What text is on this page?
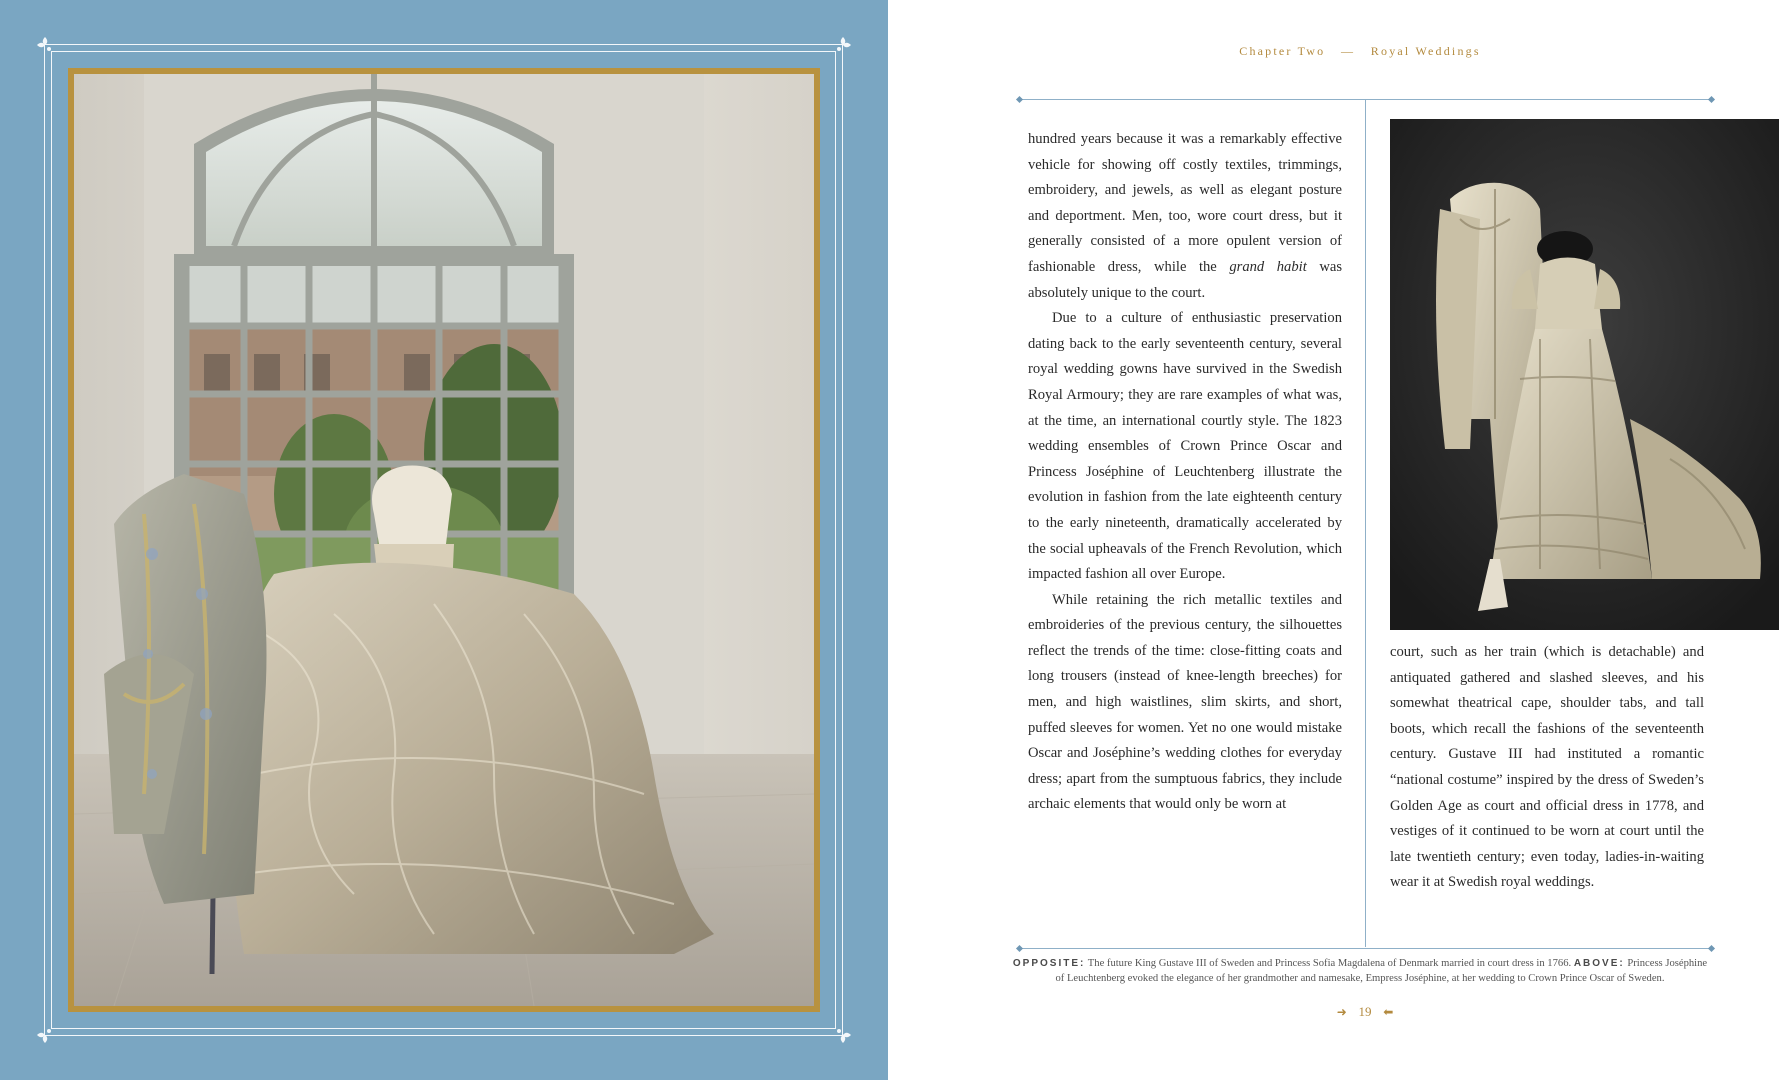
Chapter Two — Royal Weddings

hundred years because it was a remarkably effective vehicle for showing off costly textiles, trimmings, embroidery, and jewels, as well as elegant posture and deportment. Men, too, wore court dress, but it generally consisted of a more opulent version of fashionable dress, while the grand habit was absolutely unique to the court.

Due to a culture of enthusiastic preservation dating back to the early seventeenth century, several royal wedding gowns have survived in the Swedish Royal Armoury; they are rare examples of what was, at the time, an international courtly style. The 1823 wedding ensembles of Crown Prince Oscar and Princess Joséphine of Leuchtenberg illustrate the evolution in fashion from the late eighteenth century to the early nineteenth, dramatically accelerated by the social upheavals of the French Revolution, which impacted fashion all over Europe.

While retaining the rich metallic textiles and embroideries of the previous century, the silhouettes reflect the trends of the time: close-fitting coats and long trousers (instead of knee-length breeches) for men, and high waistlines, slim skirts, and short, puffed sleeves for women. Yet no one would mistake Oscar and Joséphine’s wedding clothes for everyday dress; apart from the sumptuous fabrics, they include archaic elements that would only be worn at

court, such as her train (which is detachable) and antiquated gathered and slashed sleeves, and his somewhat theatrical cape, shoulder tabs, and tall boots, which recall the fashions of the seventeenth century. Gustave III had instituted a romantic “national costume” inspired by the dress of Sweden’s Golden Age as court and official dress in 1778, and vestiges of it continued to be worn at court until the late twentieth century; even today, ladies-in-waiting wear it at Swedish royal weddings.

OPPOSITE: The future King Gustave III of Sweden and Princess Sofia Magdalena of Denmark married in court dress in 1766. ABOVE: Princess Joséphine of Leuchtenberg evoked the elegance of her grandmother and namesake, Empress Joséphine, at her wedding to Crown Prince Oscar of Sweden.
➜ 19 ⬅
